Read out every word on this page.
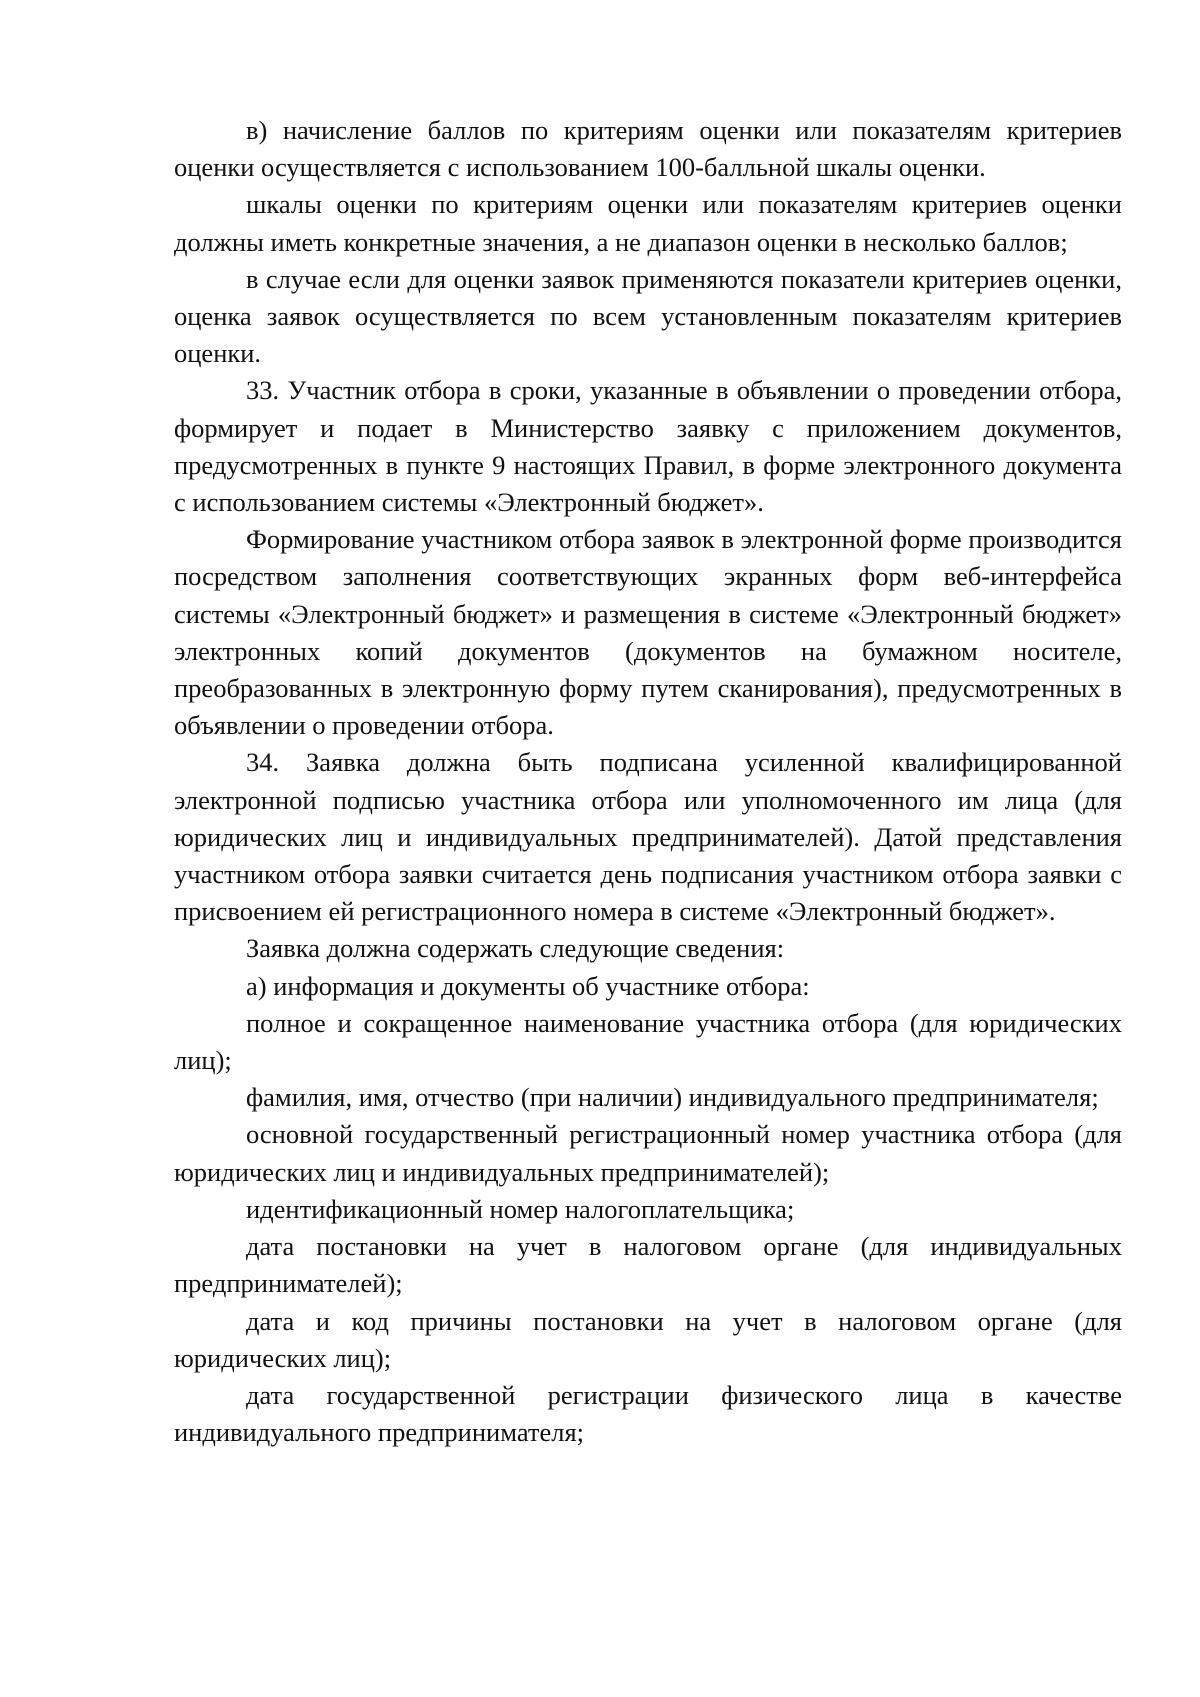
в) начисление баллов по критериям оценки или показателям критериев оценки осуществляется с использованием 100-балльной шкалы оценки.

шкалы оценки по критериям оценки или показателям критериев оценки должны иметь конкретные значения, а не диапазон оценки в несколько баллов;

в случае если для оценки заявок применяются показатели критериев оценки, оценка заявок осуществляется по всем установленным показателям критериев оценки.

33. Участник отбора в сроки, указанные в объявлении о проведении отбора, формирует и подает в Министерство заявку с приложением документов, предусмотренных в пункте 9 настоящих Правил, в форме электронного документа с использованием системы «Электронный бюджет».

Формирование участником отбора заявок в электронной форме производится посредством заполнения соответствующих экранных форм веб-интерфейса системы «Электронный бюджет» и размещения в системе «Электронный бюджет» электронных копий документов (документов на бумажном носителе, преобразованных в электронную форму путем сканирования), предусмотренных в объявлении о проведении отбора.

34. Заявка должна быть подписана усиленной квалифицированной электронной подписью участника отбора или уполномоченного им лица (для юридических лиц и индивидуальных предпринимателей). Датой представления участником отбора заявки считается день подписания участником отбора заявки с присвоением ей регистрационного номера в системе «Электронный бюджет».

Заявка должна содержать следующие сведения:

а) информация и документы об участнике отбора:

полное и сокращенное наименование участника отбора (для юридических лиц);

фамилия, имя, отчество (при наличии) индивидуального предпринимателя;

основной государственный регистрационный номер участника отбора (для юридических лиц и индивидуальных предпринимателей);

идентификационный номер налогоплательщика;

дата постановки на учет в налоговом органе (для индивидуальных предпринимателей);

дата и код причины постановки на учет в налоговом органе (для юридических лиц);

дата государственной регистрации физического лица в качестве индивидуального предпринимателя;
